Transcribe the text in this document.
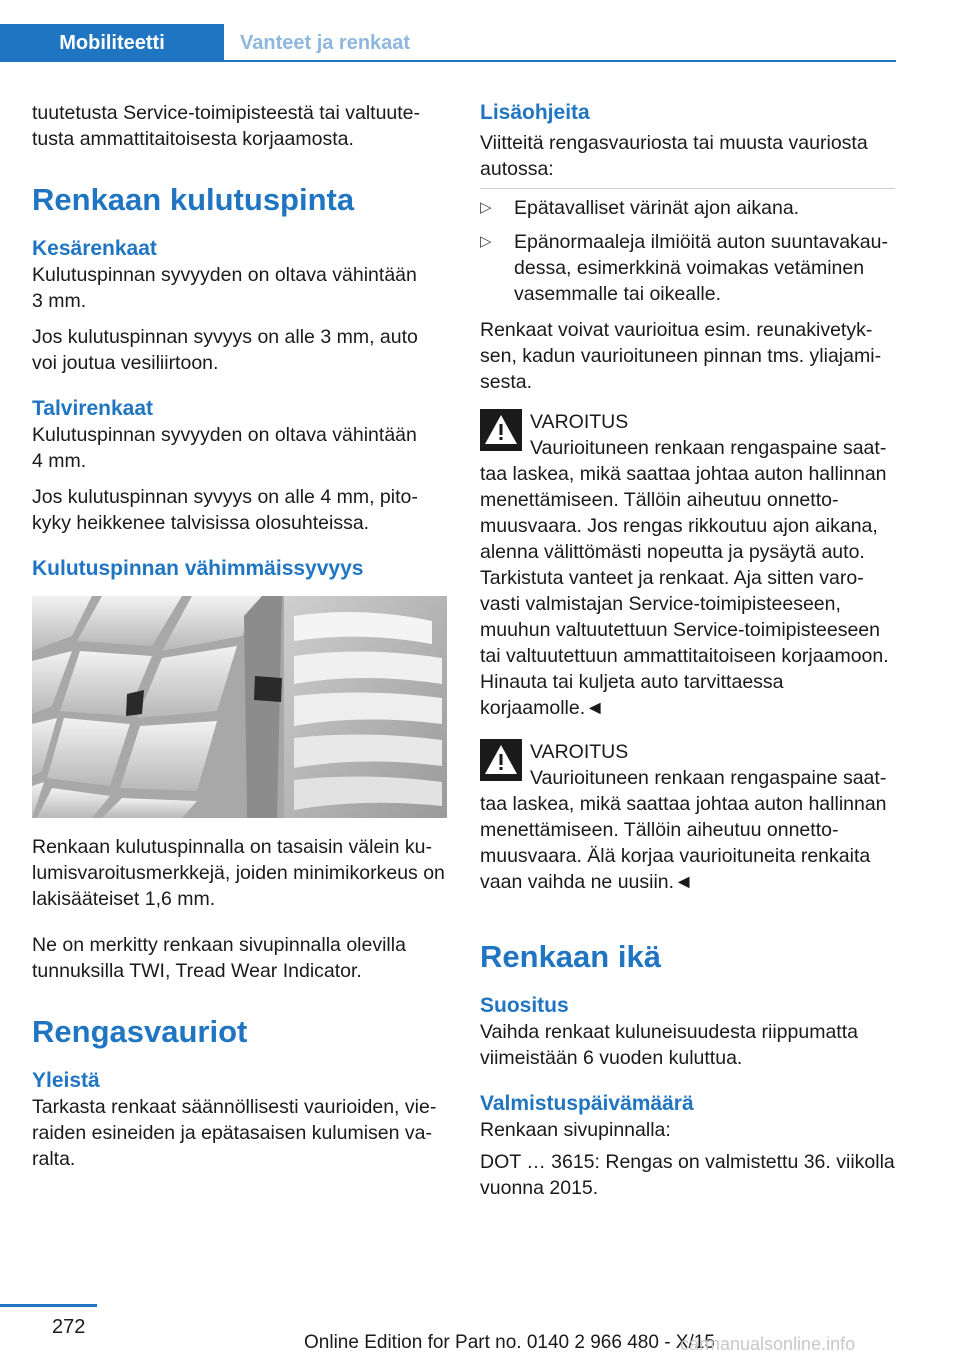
Mobiliteetti	Vanteet ja renkaat

tuutetusta Service-toimipisteestä tai valtuutetusta ammattitaitoisesta korjaamosta.

Renkaan kulutuspinta
Kesärenkaat

Kulutuspinnan syvyyden on oltava vähintään 3 mm.

Jos kulutuspinnan syvyys on alle 3 mm, auto voi joutua vesiliirtoon.

Talvirenkaat

Kulutuspinnan syvyyden on oltava vähintään 4 mm.

Jos kulutuspinnan syvyys on alle 4 mm, pitokyky heikkenee talvisissa olosuhteissa.

Kulutuspinnan vähimmäissyvyys

Renkaan kulutuspinnalla on tasaisin välein kulumisvaroitusmerkkejä, joiden minimikorkeus on lakisääteiset 1,6 mm.

Ne on merkitty renkaan sivupinnalla olevilla tunnuksilla TWI, Tread Wear Indicator.

Rengasvauriot
Yleistä

Tarkasta renkaat säännöllisesti vaurioiden, vieraiden esineiden ja epätasaisen kulumisen varalta.

Lisäohjeita

Viitteitä rengasvauriosta tai muusta vauriosta autossa:

▷ Epätavalliset värinät ajon aikana.
▷ Epänormaaleja ilmiöitä auton suuntavakaudessa, esimerkkinä voimakas vetäminen vasemmalle tai oikealle.

Renkaat voivat vaurioitua esim. reunakivetyksen, kadun vaurioituneen pinnan tms. yliajamisesta.

VAROITUS

Vaurioituneen renkaan rengaspaine saattaa laskea, mikä saattaa johtaa auton hallinnan menettämiseen. Tällöin aiheutuu onnettomuusvaara. Jos rengas rikkoutuu ajon aikana, alenna välittömästi nopeutta ja pysäytä auto. Tarkistuta vanteet ja renkaat. Aja sitten varovasti valmistajan Service-toimipisteeseen, muuhun valtuutettuun Service-toimipisteeseen tai valtuutettuun ammattitaitoiseen korjaamoon. Hinauta tai kuljeta auto tarvittaessa korjaamolle.◄

VAROITUS

Vaurioituneen renkaan rengaspaine saattaa laskea, mikä saattaa johtaa auton hallinnan menettämiseen. Tällöin aiheutuu onnettomuusvaara. Älä korjaa vaurioituneita renkaita vaan vaihda ne uusiin.◄

Renkaan ikä
Suositus

Vaihda renkaat kuluneisuudesta riippumatta viimeistään 6 vuoden kuluttua.

Valmistuspäivämäärä

Renkaan sivupinnalla:

DOT … 3615: Rengas on valmistettu 36. viikolla vuonna 2015.

272
Online Edition for Part no. 0140 2 966 480 - X/15
carmanualsonline.info
